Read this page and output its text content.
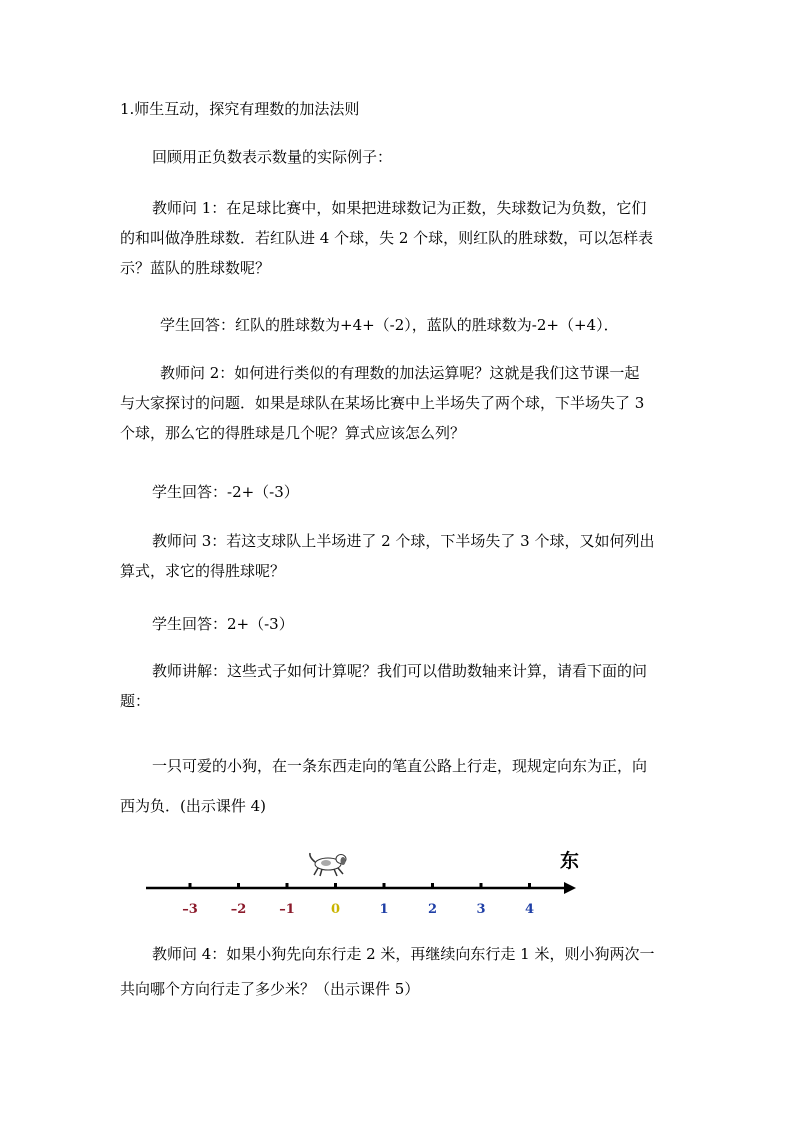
1.师生互动，探究有理数的加法法则
回顾用正负数表示数量的实际例子：
教师问 1：在足球比赛中，如果把进球数记为正数，失球数记为负数，它们
的和叫做净胜球数．若红队进 4 个球，失 2 个球，则红队的胜球数，可以怎样表
示？蓝队的胜球数呢？
学生回答：红队的胜球数为+4+（-2），蓝队的胜球数为-2+（+4）．
教师问 2：如何进行类似的有理数的加法运算呢？这就是我们这节课一起
与大家探讨的问题．如果是球队在某场比赛中上半场失了两个球，下半场失了 3
个球，那么它的得胜球是几个呢？算式应该怎么列？
学生回答：-2+（-3）
教师问 3：若这支球队上半场进了 2 个球，下半场失了 3 个球，又如何列出
算式，求它的得胜球呢？
学生回答：2+（-3）
教师讲解：这些式子如何计算呢？我们可以借助数轴来计算，请看下面的问
题：
一只可爱的小狗，在一条东西走向的笔直公路上行走，现规定向东为正，向
西为负．(出示课件 4)
东
–3	–2	–1	0	1	2	3	4
教师问 4：如果小狗先向东行走 2 米，再继续向东行走 1 米，则小狗两次一
共向哪个方向行走了多少米？（出示课件 5）
